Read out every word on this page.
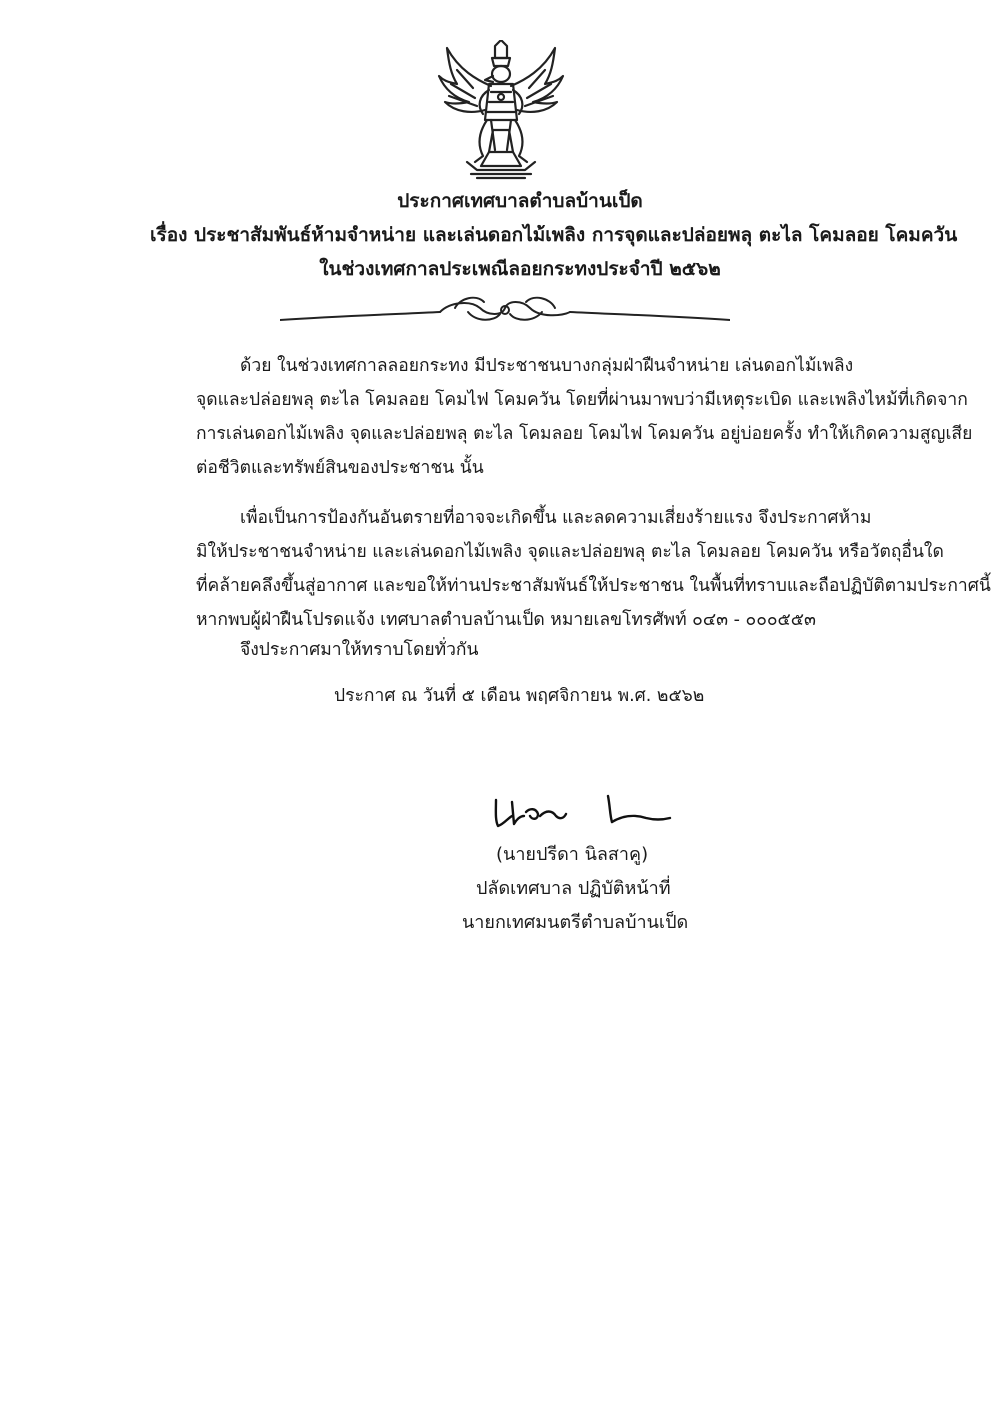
ประกาศเทศบาลตำบลบ้านเป็ด
เรื่อง ประชาสัมพันธ์ห้ามจำหน่าย และเล่นดอกไม้เพลิง การจุดและปล่อยพลุ ตะไล โคมลอย โคมควัน
ในช่วงเทศกาลประเพณีลอยกระทงประจำปี ๒๕๖๒
ด้วย ในช่วงเทศกาลลอยกระทง มีประชาชนบางกลุ่มฝ่าฝืนจำหน่าย เล่นดอกไม้เพลิง
จุดและปล่อยพลุ ตะไล โคมลอย โคมไฟ โคมควัน โดยที่ผ่านมาพบว่ามีเหตุระเบิด และเพลิงไหม้ที่เกิดจาก
การเล่นดอกไม้เพลิง จุดและปล่อยพลุ ตะไล โคมลอย โคมไฟ โคมควัน อยู่บ่อยครั้ง ทำให้เกิดความสูญเสีย
ต่อชีวิตและทรัพย์สินของประชาชน นั้น
เพื่อเป็นการป้องกันอันตรายที่อาจจะเกิดขึ้น และลดความเสี่ยงร้ายแรง จึงประกาศห้าม
มิให้ประชาชนจำหน่าย และเล่นดอกไม้เพลิง จุดและปล่อยพลุ ตะไล โคมลอย โคมควัน หรือวัตถุอื่นใด
ที่คล้ายคลึงขึ้นสู่อากาศ และขอให้ท่านประชาสัมพันธ์ให้ประชาชน ในพื้นที่ทราบและถือปฏิบัติตามประกาศนี้
หากพบผู้ฝ่าฝืนโปรดแจ้ง เทศบาลตำบลบ้านเป็ด หมายเลขโทรศัพท์ ๐๔๓ - ๐๐๐๕๕๓
จึงประกาศมาให้ทราบโดยทั่วกัน
ประกาศ ณ วันที่ ๕ เดือน พฤศจิกายน พ.ศ. ๒๕๖๒
(นายปรีดา นิลสาคู)
ปลัดเทศบาล ปฏิบัติหน้าที่
นายกเทศมนตรีตำบลบ้านเป็ด
